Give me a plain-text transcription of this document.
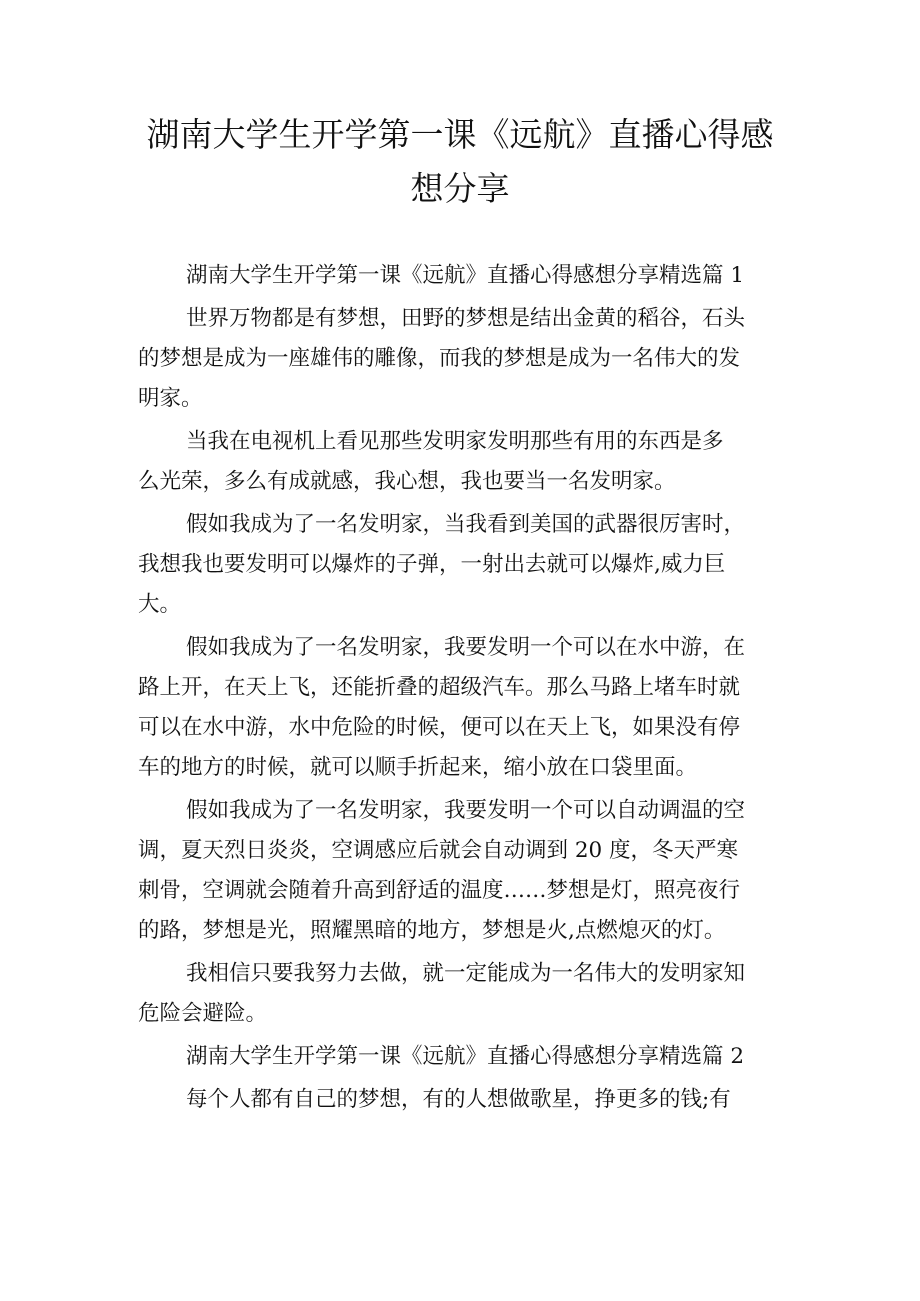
湖南大学生开学第一课《远航》直播心得感
想分享
湖南大学生开学第一课《远航》直播心得感想分享精选篇 1
世界万物都是有梦想，田野的梦想是结出金黄的稻谷，石头
的梦想是成为一座雄伟的雕像，而我的梦想是成为一名伟大的发
明家。
当我在电视机上看见那些发明家发明那些有用的东西是多
么光荣，多么有成就感，我心想，我也要当一名发明家。
假如我成为了一名发明家，当我看到美国的武器很厉害时，
我想我也要发明可以爆炸的子弹，一射出去就可以爆炸,威力巨
大。
假如我成为了一名发明家，我要发明一个可以在水中游，在
路上开，在天上飞，还能折叠的超级汽车。那么马路上堵车时就
可以在水中游，水中危险的时候，便可以在天上飞，如果没有停
车的地方的时候，就可以顺手折起来，缩小放在口袋里面。
假如我成为了一名发明家，我要发明一个可以自动调温的空
调，夏天烈日炎炎，空调感应后就会自动调到 20 度，冬天严寒
刺骨，空调就会随着升高到舒适的温度……梦想是灯，照亮夜行
的路，梦想是光，照耀黑暗的地方，梦想是火,点燃熄灭的灯。
我相信只要我努力去做，就一定能成为一名伟大的发明家知
危险会避险。
湖南大学生开学第一课《远航》直播心得感想分享精选篇 2
每个人都有自己的梦想，有的人想做歌星，挣更多的钱;有
